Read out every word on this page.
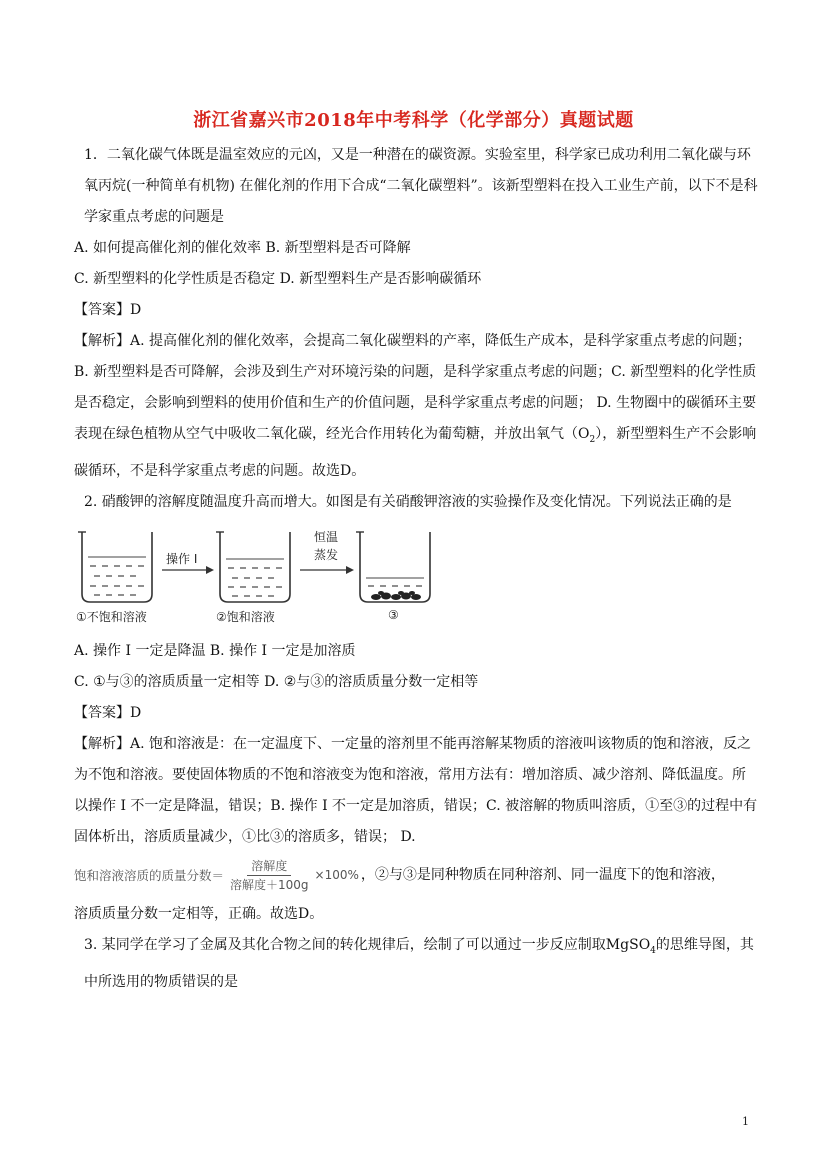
浙江省嘉兴市2018年中考科学（化学部分）真题试题

1．二氧化碳气体既是温室效应的元凶，又是一种潜在的碳资源。实验室里，科学家已成功利用二氧化碳与环氧丙烷(一种简单有机物) 在催化剂的作用下合成“二氧化碳塑料”。该新型塑料在投入工业生产前，以下不是科学家重点考虑的问题是

A. 如何提高催化剂的催化效率 B. 新型塑料是否可降解

C. 新型塑料的化学性质是否稳定 D. 新型塑料生产是否影响碳循环

【答案】D

【解析】A. 提高催化剂的催化效率，会提高二氧化碳塑料的产率，降低生产成本，是科学家重点考虑的问题； B. 新型塑料是否可降解，会涉及到生产对环境污染的问题，是科学家重点考虑的问题；C. 新型塑料的化学性质是否稳定，会影响到塑料的使用价值和生产的价值问题，是科学家重点考虑的问题； D. 生物圈中的碳循环主要表现在绿色植物从空气中吸收二氧化碳，经光合作用转化为葡萄糖，并放出氧气$(O_2)$，新型塑料生产不会影响碳循环，不是科学家重点考虑的问题。故选D。

2. 硝酸钾的溶解度随温度升高而增大。如图是有关硝酸钾溶液的实验操作及变化情况。下列说法正确的是

操作 I
恒温
蒸发
①不饱和溶液	②饱和溶液	③

A. 操作 I 一定是降温 B. 操作 I 一定是加溶质

C. ①与③的溶质质量一定相等 D. ②与③的溶质质量分数一定相等

【答案】D

【解析】A. 饱和溶液是：在一定温度下、一定量的溶剂里不能再溶解某物质的溶液叫该物质的饱和溶液，反之为不饱和溶液。要使固体物质的不饱和溶液变为饱和溶液，常用方法有：增加溶质、减少溶剂、降低温度。所以操作 I 不一定是降温，错误；B. 操作 I 不一定是加溶质，错误；C. 被溶解的物质叫溶质，①至③的过程中有固体析出，溶质质量减少，①比③的溶质多，错误； D.

饱和溶液溶质的质量分数＝ $\frac{\text{溶解度}}{\text{溶解度＋100g}} \times 100\%$ ，②与③是同种物质在同种溶剂、同一温度下的饱和溶液，

溶质质量分数一定相等，正确。故选D。

3. 某同学在学习了金属及其化合物之间的转化规律后，绘制了可以通过一步反应制取MgSO$_4$的思维导图，其中所选用的物质错误的是

1
